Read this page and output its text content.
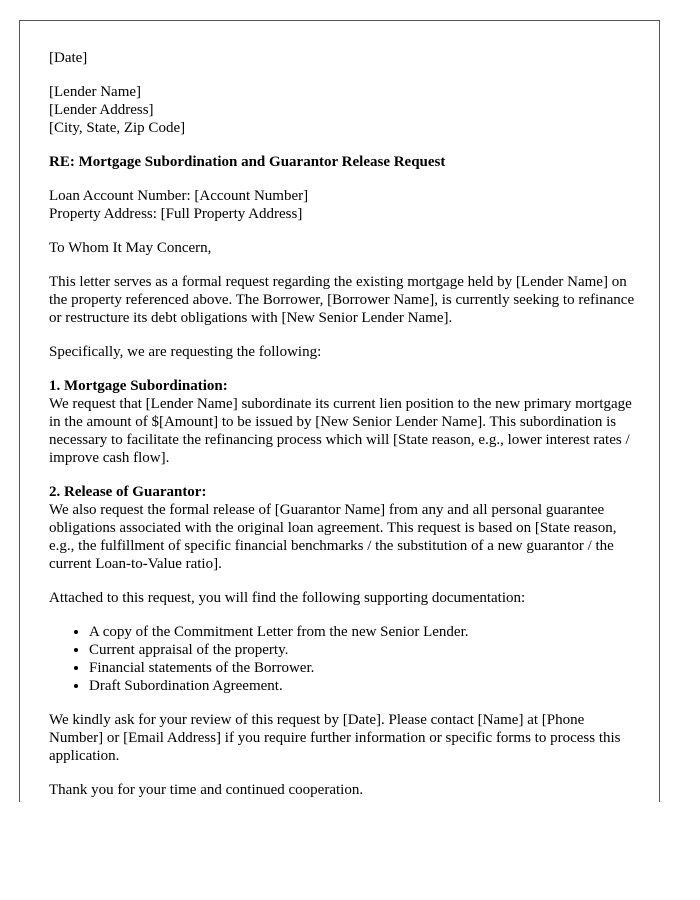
[Date]

[Lender Name]
[Lender Address]
[City, State, Zip Code]

RE: Mortgage Subordination and Guarantor Release Request

Loan Account Number: [Account Number]
Property Address: [Full Property Address]

To Whom It May Concern,

This letter serves as a formal request regarding the existing mortgage held by [Lender Name] on the property referenced above. The Borrower, [Borrower Name], is currently seeking to refinance or restructure its debt obligations with [New Senior Lender Name].

Specifically, we are requesting the following:

1. Mortgage Subordination:
We request that [Lender Name] subordinate its current lien position to the new primary mortgage in the amount of $[Amount] to be issued by [New Senior Lender Name]. This subordination is necessary to facilitate the refinancing process which will [State reason, e.g., lower interest rates / improve cash flow].

2. Release of Guarantor:
We also request the formal release of [Guarantor Name] from any and all personal guarantee obligations associated with the original loan agreement. This request is based on [State reason, e.g., the fulfillment of specific financial benchmarks / the substitution of a new guarantor / the current Loan-to-Value ratio].

Attached to this request, you will find the following supporting documentation:

• A copy of the Commitment Letter from the new Senior Lender.
• Current appraisal of the property.
• Financial statements of the Borrower.
• Draft Subordination Agreement.

We kindly ask for your review of this request by [Date]. Please contact [Name] at [Phone Number] or [Email Address] if you require further information or specific forms to process this application.

Thank you for your time and continued cooperation.
